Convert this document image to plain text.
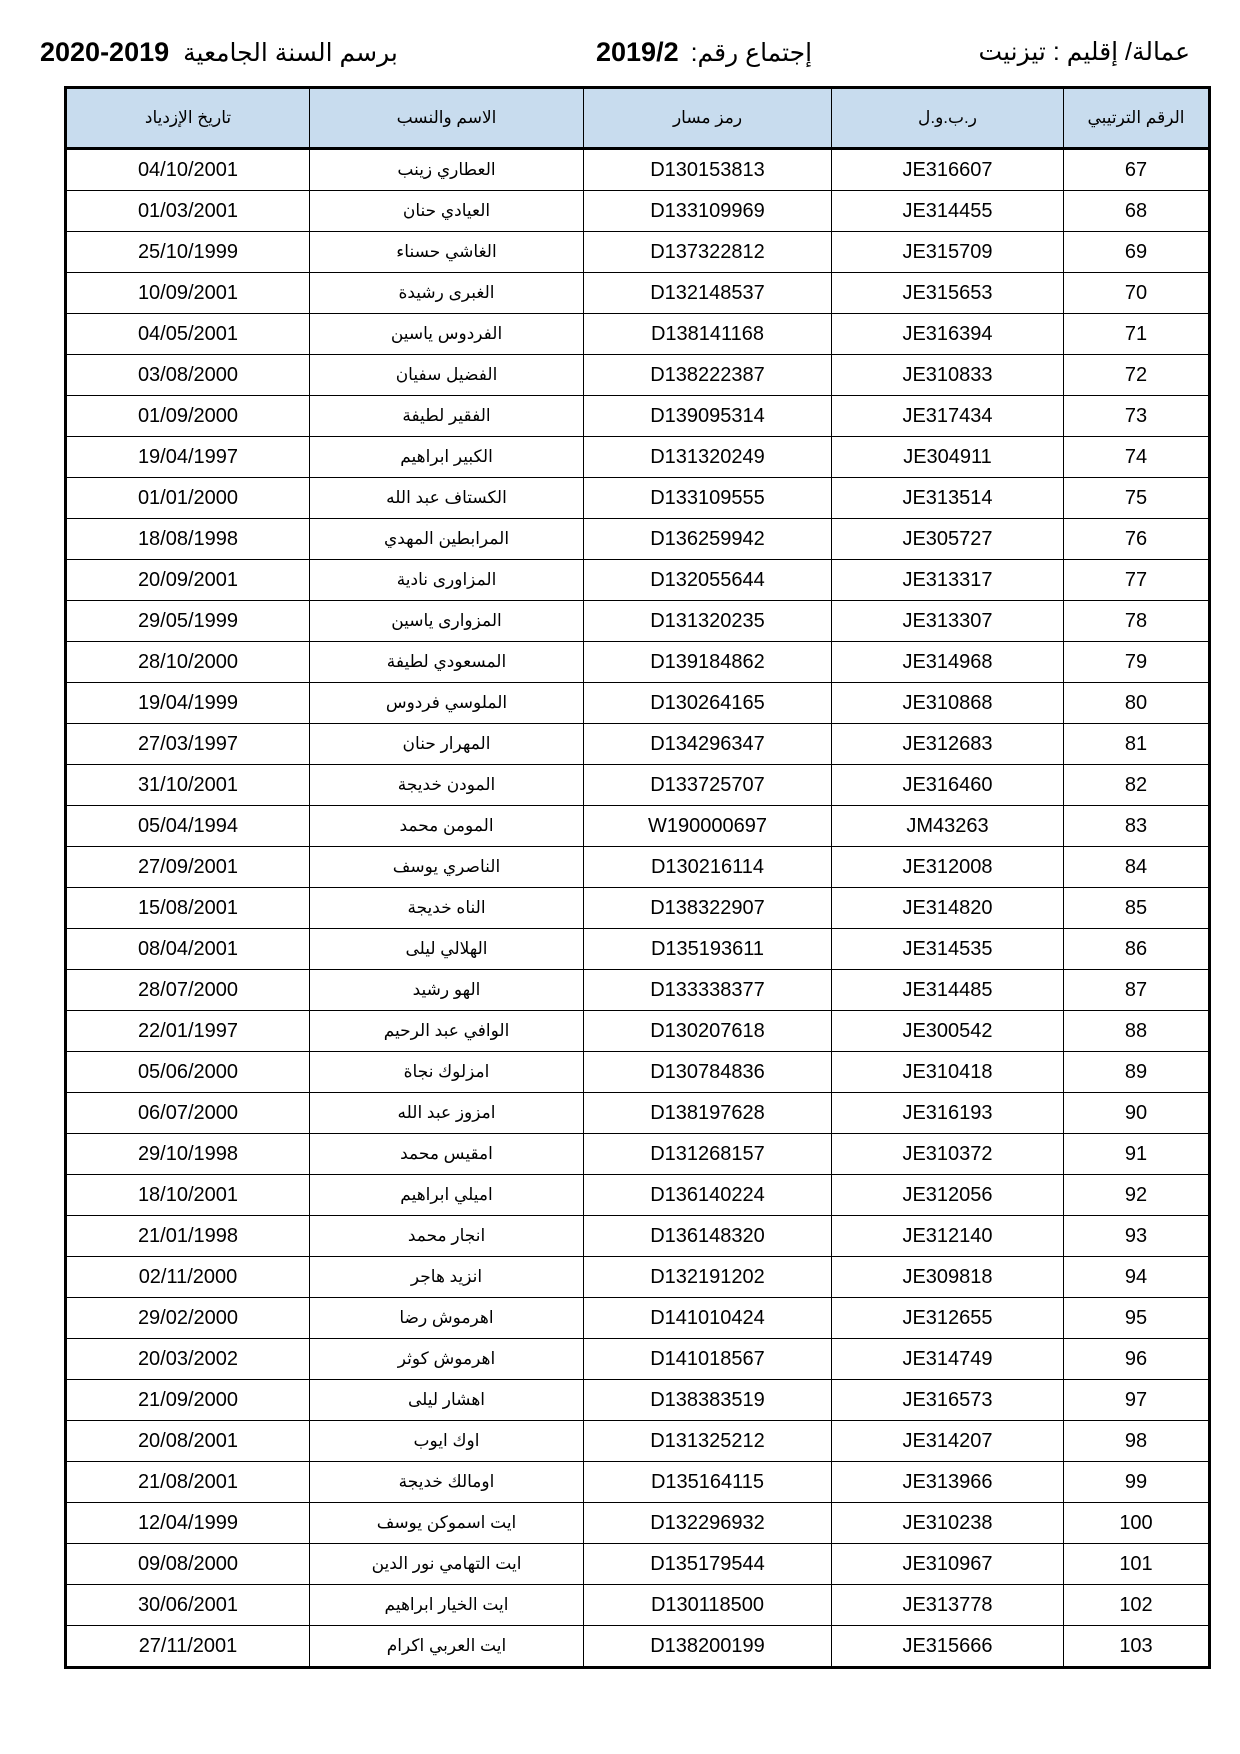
2020-2019 برسم السنة الجامعية	2019/2 إجتماع رقم:	عمالة/ إقليم : تيزنيت
الرقم الترتيبي	ر.ب.و.ل	رمز مسار	الاسم والنسب	تاريخ الإزدياد
67	JE316607	D130153813	العطاري زينب	04/10/2001
68	JE314455	D133109969	العيادي حنان	01/03/2001
69	JE315709	D137322812	الغاشي حسناء	25/10/1999
70	JE315653	D132148537	الغبرى رشيدة	10/09/2001
71	JE316394	D138141168	الفردوس ياسين	04/05/2001
72	JE310833	D138222387	الفضيل سفيان	03/08/2000
73	JE317434	D139095314	الفقير لطيفة	01/09/2000
74	JE304911	D131320249	الكبير ابراهيم	19/04/1997
75	JE313514	D133109555	الكستاف عبد الله	01/01/2000
76	JE305727	D136259942	المرابطين المهدي	18/08/1998
77	JE313317	D132055644	المزاورى نادية	20/09/2001
78	JE313307	D131320235	المزوارى ياسين	29/05/1999
79	JE314968	D139184862	المسعودي لطيفة	28/10/2000
80	JE310868	D130264165	الملوسي فردوس	19/04/1999
81	JE312683	D134296347	المهرار حنان	27/03/1997
82	JE316460	D133725707	المودن خديجة	31/10/2001
83	JM43263	W190000697	المومن محمد	05/04/1994
84	JE312008	D130216114	الناصري يوسف	27/09/2001
85	JE314820	D138322907	الناه خديجة	15/08/2001
86	JE314535	D135193611	الهلالي ليلى	08/04/2001
87	JE314485	D133338377	الهو رشيد	28/07/2000
88	JE300542	D130207618	الوافي عبد الرحيم	22/01/1997
89	JE310418	D130784836	امزلوك نجاة	05/06/2000
90	JE316193	D138197628	امزوز عبد الله	06/07/2000
91	JE310372	D131268157	امقيس محمد	29/10/1998
92	JE312056	D136140224	اميلي ابراهيم	18/10/2001
93	JE312140	D136148320	انجار محمد	21/01/1998
94	JE309818	D132191202	انزيد هاجر	02/11/2000
95	JE312655	D141010424	اهرموش رضا	29/02/2000
96	JE314749	D141018567	اهرموش كوثر	20/03/2002
97	JE316573	D138383519	اهشار ليلى	21/09/2000
98	JE314207	D131325212	اوك ايوب	20/08/2001
99	JE313966	D135164115	اومالك خديجة	21/08/2001
100	JE310238	D132296932	ايت اسموكن يوسف	12/04/1999
101	JE310967	D135179544	ايت التهامي نور الدين	09/08/2000
102	JE313778	D130118500	ايت الخيار ابراهيم	30/06/2001
103	JE315666	D138200199	ايت العربي اكرام	27/11/2001
